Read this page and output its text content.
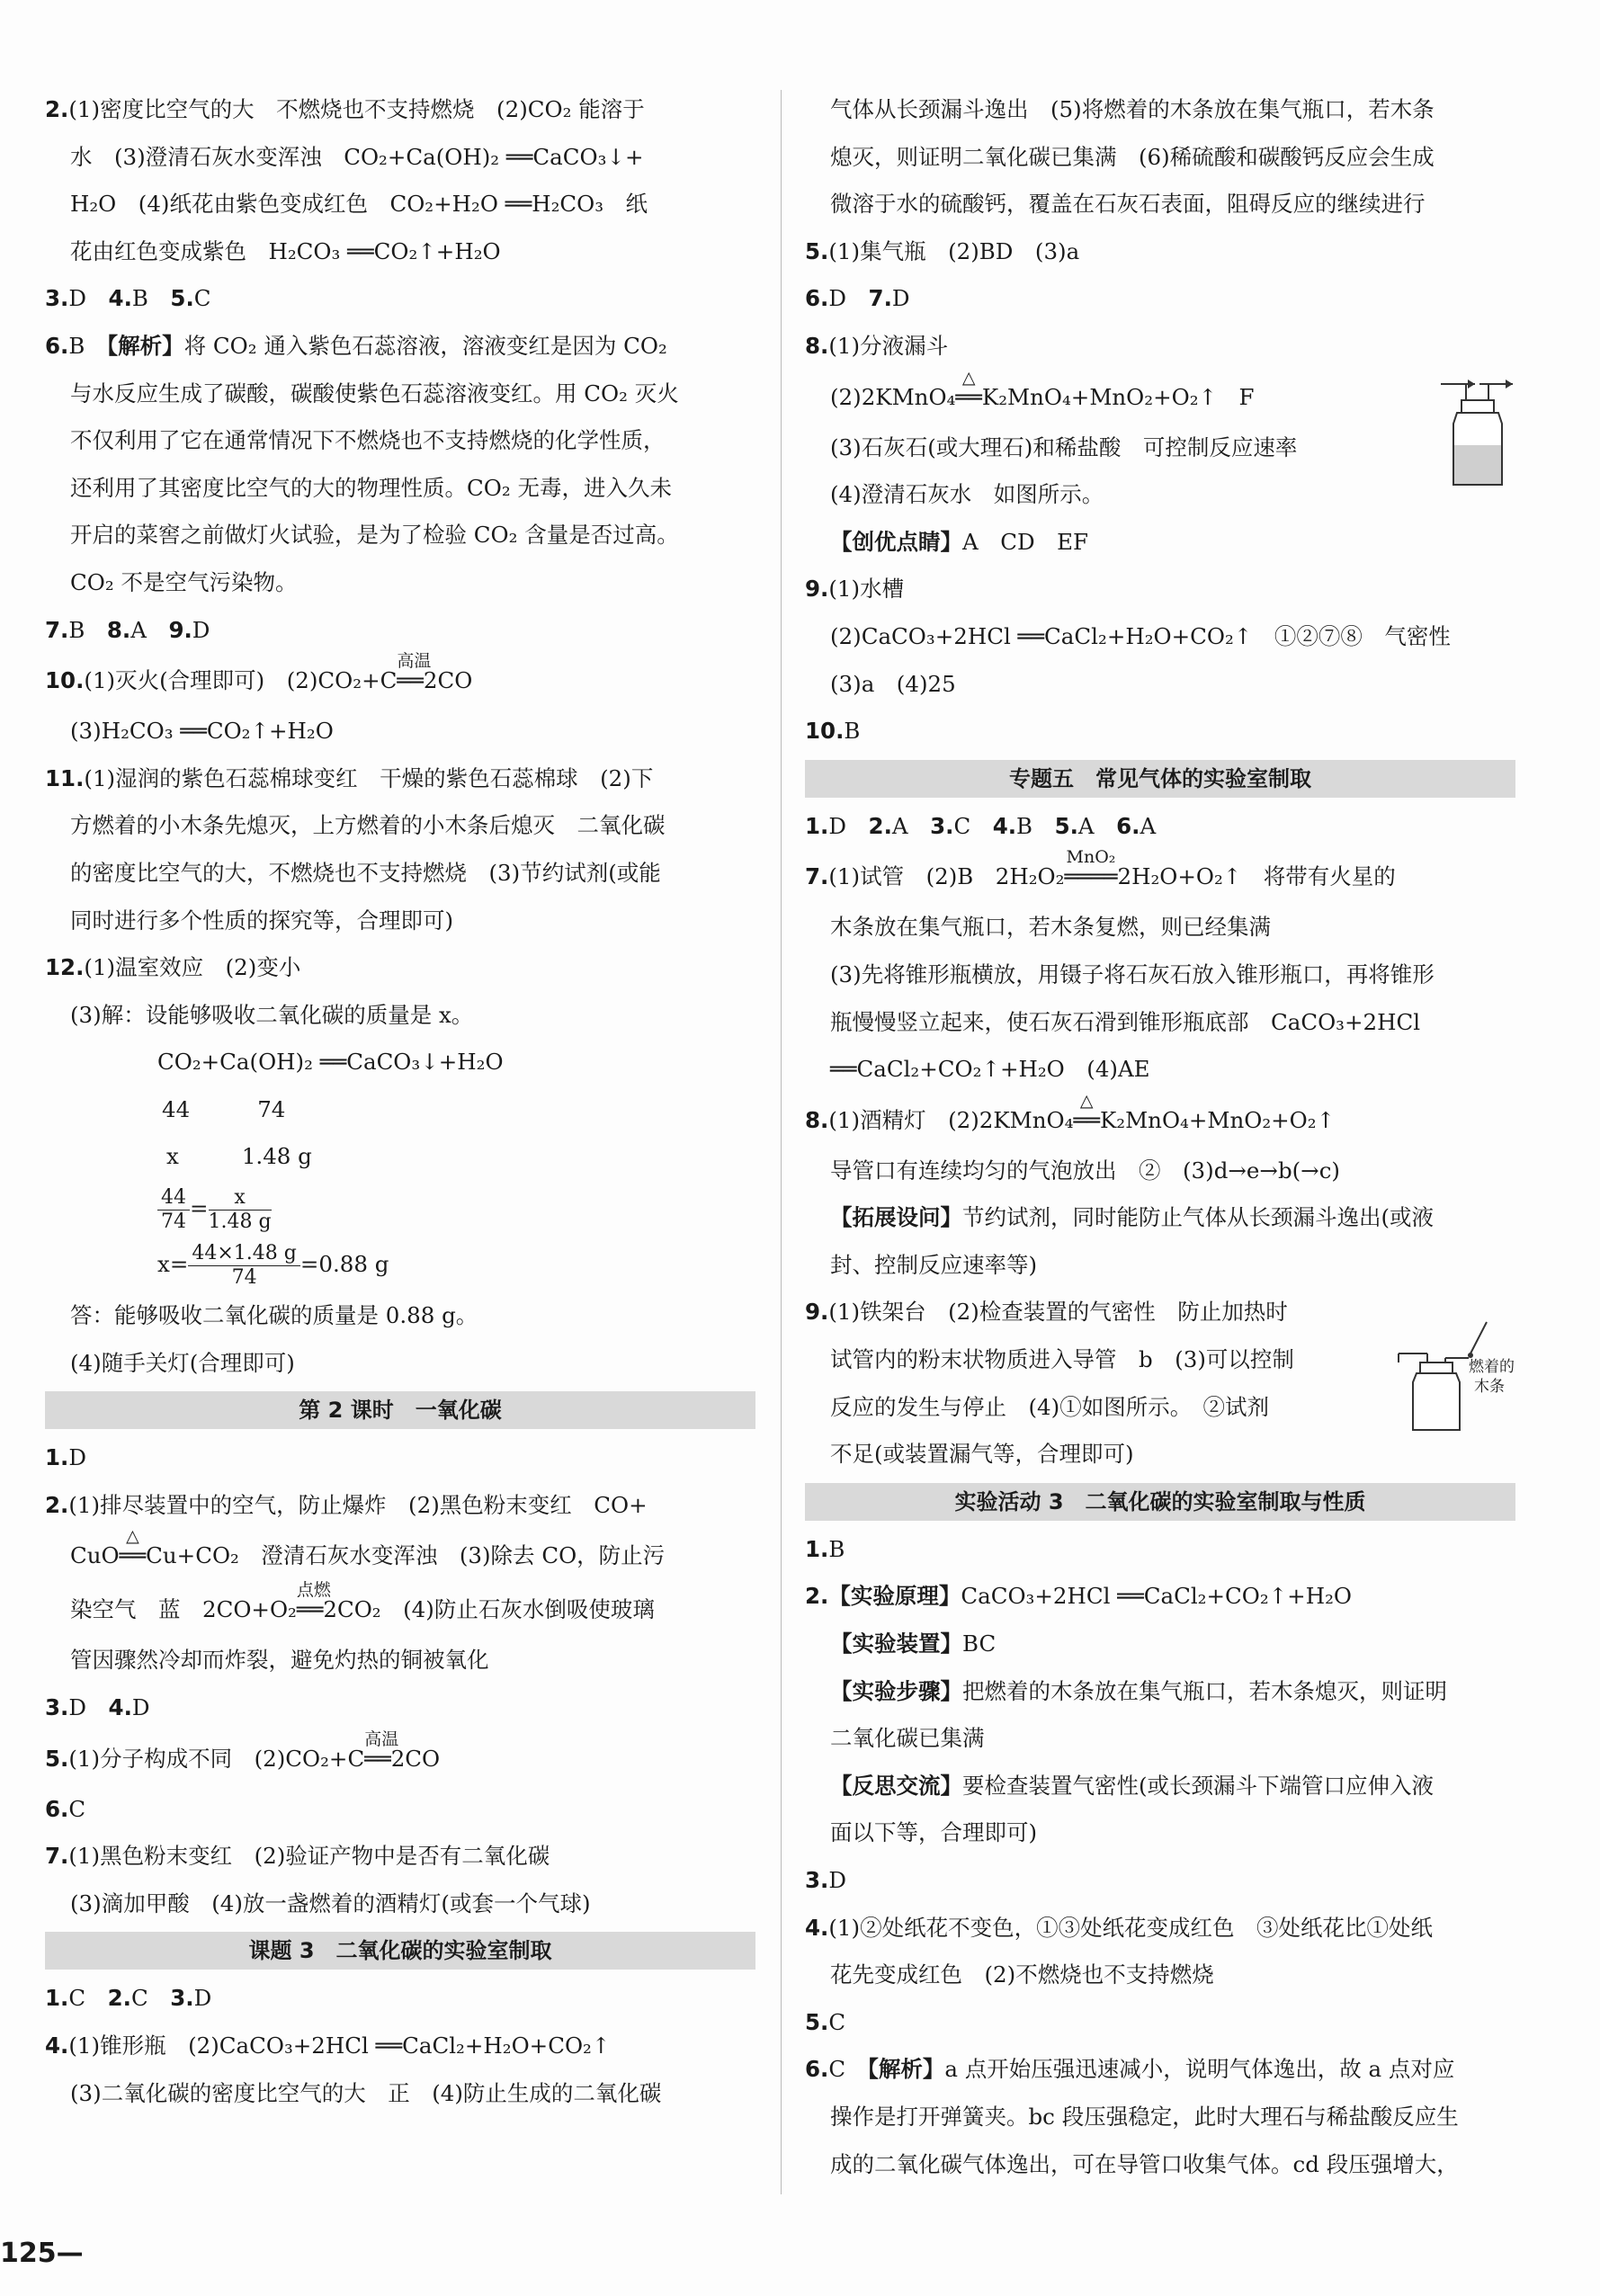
2.(1)密度比空气的大　不燃烧也不支持燃烧　(2)CO₂ 能溶于
水　(3)澄清石灰水变浑浊　CO₂+Ca(OH)₂ ══CaCO₃↓+
H₂O　(4)纸花由紫色变成红色　CO₂+H₂O ══H₂CO₃　纸
花由红色变成紫色　H₂CO₃ ══CO₂↑+H₂O
3.D　 4.B　 5.C
6.B　 【解析】将 CO₂ 通入紫色石蕊溶液，溶液变红是因为 CO₂
与水反应生成了碳酸，碳酸使紫色石蕊溶液变红。用 CO₂ 灭火
不仅利用了它在通常情况下不燃烧也不支持燃烧的化学性质，
还利用了其密度比空气的大的物理性质。CO₂ 无毒，进入久未
开启的菜窖之前做灯火试验，是为了检验 CO₂ 含量是否过高。
CO₂ 不是空气污染物。
7.B　 8.A　 9.D
10.(1)灭火(合理即可)　(2)CO₂+C
高温
══2CO
(3)H₂CO₃ ══CO₂↑+H₂O
11.(1)湿润的紫色石蕊棉球变红　干燥的紫色石蕊棉球　(2)下
方燃着的小木条先熄灭，上方燃着的小木条后熄灭　二氧化碳
的密度比空气的大，不燃烧也不支持燃烧　(3)节约试剂(或能
同时进行多个性质的探究等，合理即可)
12.(1)温室效应　(2)变小
(3)解：设能够吸收二氧化碳的质量是 x。
CO₂+Ca(OH)₂ ══CaCO₃↓+H₂O
44	74
x	1.48 g
$\frac{44}{74} = \frac{x}{1.48 g}$
$x= \frac{44\times 1.48 g}{74} =0.88$ g
答：能够吸收二氧化碳的质量是 0.88 g。
(4)随手关灯(合理即可)
第 2 课时　一氧化碳
1.D
2.(1)排尽装置中的空气，防止爆炸　(2)黑色粉末变红　CO+
CuO
△
══Cu+CO₂　澄清石灰水变浑浊　(3)除去 CO，防止污
染空气　蓝　2CO+O₂
点燃
══2CO₂　(4)防止石灰水倒吸使玻璃
管因骤然冷却而炸裂，避免灼热的铜被氧化
3.D　 4.D
5.(1)分子构成不同　(2)CO₂+C
高温
══2CO
6.C
7.(1)黑色粉末变红　(2)验证产物中是否有二氧化碳
(3)滴加甲酸　(4)放一盏燃着的酒精灯(或套一个气球)
课题 3　二氧化碳的实验室制取
1.C　 2.C　 3.D
4.(1)锥形瓶　(2)CaCO₃+2HCl ══CaCl₂+H₂O+CO₂↑
(3)二氧化碳的密度比空气的大　正　(4)防止生成的二氧化碳
气体从长颈漏斗逸出　(5)将燃着的木条放在集气瓶口，若木条
熄灭，则证明二氧化碳已集满　(6)稀硫酸和碳酸钙反应会生成
微溶于水的硫酸钙，覆盖在石灰石表面，阻碍反应的继续进行
5.(1)集气瓶　(2)BD　(3)a
6.D　 7.D
8.(1)分液漏斗
(2)2KMnO₄
△
══K₂MnO₄+MnO₂+O₂↑　F
(3)石灰石(或大理石)和稀盐酸　可控制反应速率
(4)澄清石灰水　如图所示。
【创优点睛】A　CD　EF
9.(1)水槽
(2)CaCO₃+2HCl ══CaCl₂+H₂O+CO₂↑　①②⑦⑧　气密性
(3)a　(4)25
10.B
专题五　常见气体的实验室制取
1.D　 2.A　 3.C　 4.B　 5.A　 6.A
7.(1)试管　(2)B　2H₂O₂
MnO₂
════2H₂O+O₂↑　将带有火星的
木条放在集气瓶口，若木条复燃，则已经集满
(3)先将锥形瓶横放，用镊子将石灰石放入锥形瓶口，再将锥形
瓶慢慢竖立起来，使石灰石滑到锥形瓶底部　CaCO₃+2HCl
══CaCl₂+CO₂↑+H₂O　(4)AE
8.(1)酒精灯　(2)2KMnO₄
△
══K₂MnO₄+MnO₂+O₂↑
导管口有连续均匀的气泡放出　②　(3)d→e→b(→c)
【拓展设问】节约试剂，同时能防止气体从长颈漏斗逸出(或液
封、控制反应速率等)
9.(1)铁架台　(2)检查装置的气密性　防止加热时
试管内的粉末状物质进入导管　b　(3)可以控制
反应的发生与停止　(4)①如图所示。　②试剂
不足(或装置漏气等，合理即可)
实验活动 3　二氧化碳的实验室制取与性质
1.B
2.【实验原理】CaCO₃+2HCl ══CaCl₂+CO₂↑+H₂O
【实验装置】BC
【实验步骤】把燃着的木条放在集气瓶口，若木条熄灭，则证明
二氧化碳已集满
【反思交流】要检查装置气密性(或长颈漏斗下端管口应伸入液
面以下等，合理即可)
3.D
4.(1)②处纸花不变色，①③处纸花变成红色　③处纸花比①处纸
花先变成红色　(2)不燃烧也不支持燃烧
5.C
6.C　 【解析】a 点开始压强迅速减小，说明气体逸出，故 a 点对应
操作是打开弹簧夹。bc 段压强稳定，此时大理石与稀盐酸反应生
成的二氧化碳气体逸出，可在导管口收集气体。cd 段压强增大，
燃着的
木条
125—
